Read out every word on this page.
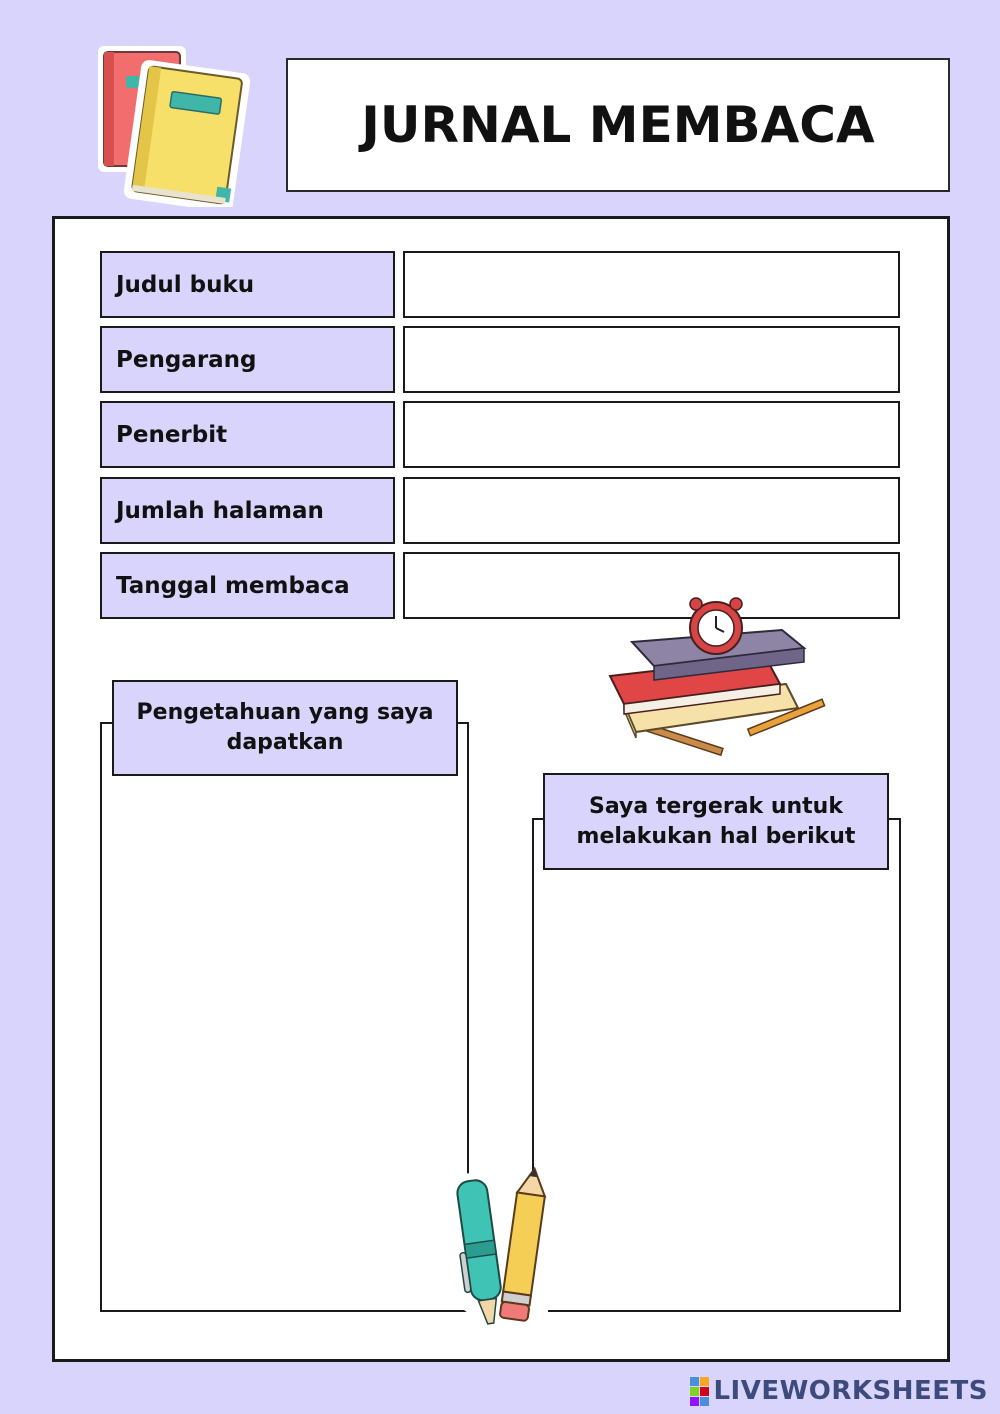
JURNAL MEMBACA
Judul buku
Pengarang
Penerbit
Jumlah halaman
Tanggal membaca
Pengetahuan yang saya dapatkan
Saya tergerak untuk melakukan hal berikut
LIVEWORKSHEETS
